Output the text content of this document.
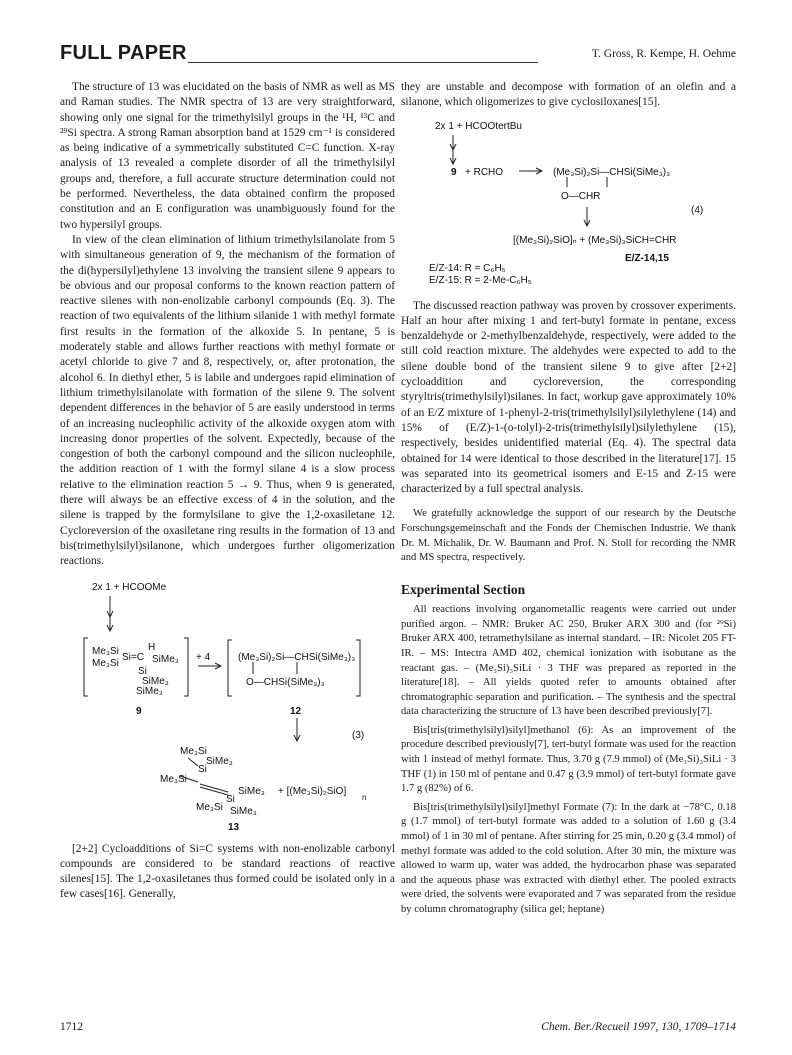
FULL PAPER	T. Gross, R. Kempe, H. Oehme

The structure of 13 was elucidated on the basis of NMR as well as MS and Raman studies. The NMR spectra of 13 are very straightforward, showing only one signal for the trimethylsilyl groups in the ¹H, ¹³C and ²⁹Si spectra. A strong Raman absorption band at 1529 cm⁻¹ is considered as being indicative of a symmetrically substituted C=C function. X-ray analysis of 13 revealed a complete disorder of all the trimethylsilyl groups and, therefore, a full accurate structure determination could not be performed. Nevertheless, the data obtained confirm the proposed constitution and an E configuration was unambiguously found for the two hypersilyl groups.

In view of the clean elimination of lithium trimethylsilanolate from 5 with simultaneous generation of 9, the mechanism of the formation of the di(hypersilyl)ethylene 13 involving the transient silene 9 appears to be obvious and our proposal conforms to the known reaction pattern of reactive silenes with non-enolizable carbonyl compounds (Eq. 3). The reaction of two equivalents of the lithium silanide 1 with methyl formate first results in the formation of the alkoxide 5. In pentane, 5 is moderately stable and allows further reactions with methyl formate or acetyl chloride to give 7 and 8, respectively, or, after protonation, the alcohol 6. In diethyl ether, 5 is labile and undergoes rapid elimination of lithium trimethylsilanolate with formation of the silene 9. The solvent dependent differences in the behavior of 5 are easily understood in terms of an increasing nucleophilic activity of the alkoxide oxygen atom with increasing donor properties of the solvent. Expectedly, because of the congestion of both the carbonyl compound and the silicon nucleophile, the addition reaction of 1 with the formyl silane 4 is a slow process relative to the elimination reaction 5 → 9. Thus, when 9 is generated, there will always be an effective excess of 4 in the solution, and the silene is trapped by the formylsilane to give the 1,2-oxasiletane 12. Cycloreversion of the oxasiletane ring results in the formation of 13 and bis(trimethylsilyl)silanone, which undergoes further oligomerization reactions.

2x 1 + HCOOMe
Me₃Si
Si=C
H
Me₃Si	SiMe₃
Si
SiMe₃
SiMe₃
+ 4	(Me₃Si)₂Si—CHSi(SiMe₃)₃
O—CHSi(SiMe₃)₃
9	12
(3)
Me₃Si
SiMe₃
Si
Me₃Si
SiMe₃
Si
Me₃Si SiMe₃
+ [(Me₃Si)₂SiO]
n
13

[2+2] Cycloadditions of Si=C systems with non-enolizable carbonyl compounds are considered to be standard reactions of reactive silenes[15]. The 1,2-oxasiletanes thus formed could be isolated only in a few cases[16]. Generally,

they are unstable and decompose with formation of an olefin and a silanone, which oligomerizes to give cyclosiloxanes[15].

2x 1 + HCOOtertBu
9 + RCHO	(Me₃Si)₂Si—CHSi(SiMe₃)₃
O—CHR
(4)
[(Me₃Si)₂SiO]ₙ + (Me₃Si)₃SiCH=CHR
E/Z-14,15
E/Z-14: R = C₆H₅
E/Z-15: R = 2-Me-C₆H₅

The discussed reaction pathway was proven by crossover experiments. Half an hour after mixing 1 and tert-butyl formate in pentane, excess benzaldehyde or 2-methylbenzaldehyde, respectively, were added to the still cold reaction mixture. The aldehydes were expected to add to the silene double bond of the transient silene 9 to give after [2+2] cycloaddition and cycloreversion, the corresponding styryltris(trimethylsilyl)silanes. In fact, workup gave approximately 10% of an E/Z mixture of 1-phenyl-2-tris(trimethylsilyl)silylethylene (14) and 15% of (E/Z)-1-(o-tolyl)-2-tris(trimethylsilyl)silylethylene (15), respectively, besides unidentified material (Eq. 4). The spectral data obtained for 14 were identical to those described in the literature[17]. 15 was separated into its geometrical isomers and E-15 and Z-15 were characterized by a full spectral analysis.

We gratefully acknowledge the support of our research by the Deutsche Forschungsgemeinschaft and the Fonds der Chemischen Industrie. We thank Dr. M. Michalik, Dr. W. Baumann and Prof. N. Stoll for recording the NMR and MS spectra, respectively.

Experimental Section

All reactions involving organometallic reagents were carried out under purified argon. – NMR: Bruker AC 250, Bruker ARX 300 and (for ²⁹Si) Bruker ARX 400, tetramethylsilane as internal standard. – IR: Nicolet 205 FT-IR. – MS: Intectra AMD 402, chemical ionization with isobutane as the reactant gas. – (Me₃Si)₃SiLi · 3 THF was prepared as reported in the literature[18]. – All yields quoted refer to amounts obtained after chromatographic separation and purification. – The synthesis and the spectral data characterizing the structure of 13 have been described previously[7].

Bis[tris(trimethylsilyl)silyl]methanol (6): As an improvement of the procedure described previously[7], tert-butyl formate was used for the reaction with 1 instead of methyl formate. Thus, 3.70 g (7.9 mmol) of (Me₃Si)₃SiLi · 3 THF (1) in 150 ml of pentane and 0.47 g (3.9 mmol) of tert-butyl formate gave 1.7 g (82%) of 6.

Bis[tris(trimethylsilyl)silyl]methyl Formate (7): In the dark at −78°C, 0.18 g (1.7 mmol) of tert-butyl formate was added to a solution of 1.60 g (3.4 mmol) of 1 in 30 ml of pentane. After stirring for 25 min, 0.20 g (3.4 mmol) of methyl formate was added to the cold solution. After 30 min, the mixture was allowed to warm up, water was added, the hydrocarbon phase was separated and the aqueous phase was extracted with diethyl ether. The pooled extracts were dried, the solvents were evaporated and 7 was separated from the residue by column chromatography (silica gel; heptane)

1712	Chem. Ber./Recueil 1997, 130, 1709–1714
